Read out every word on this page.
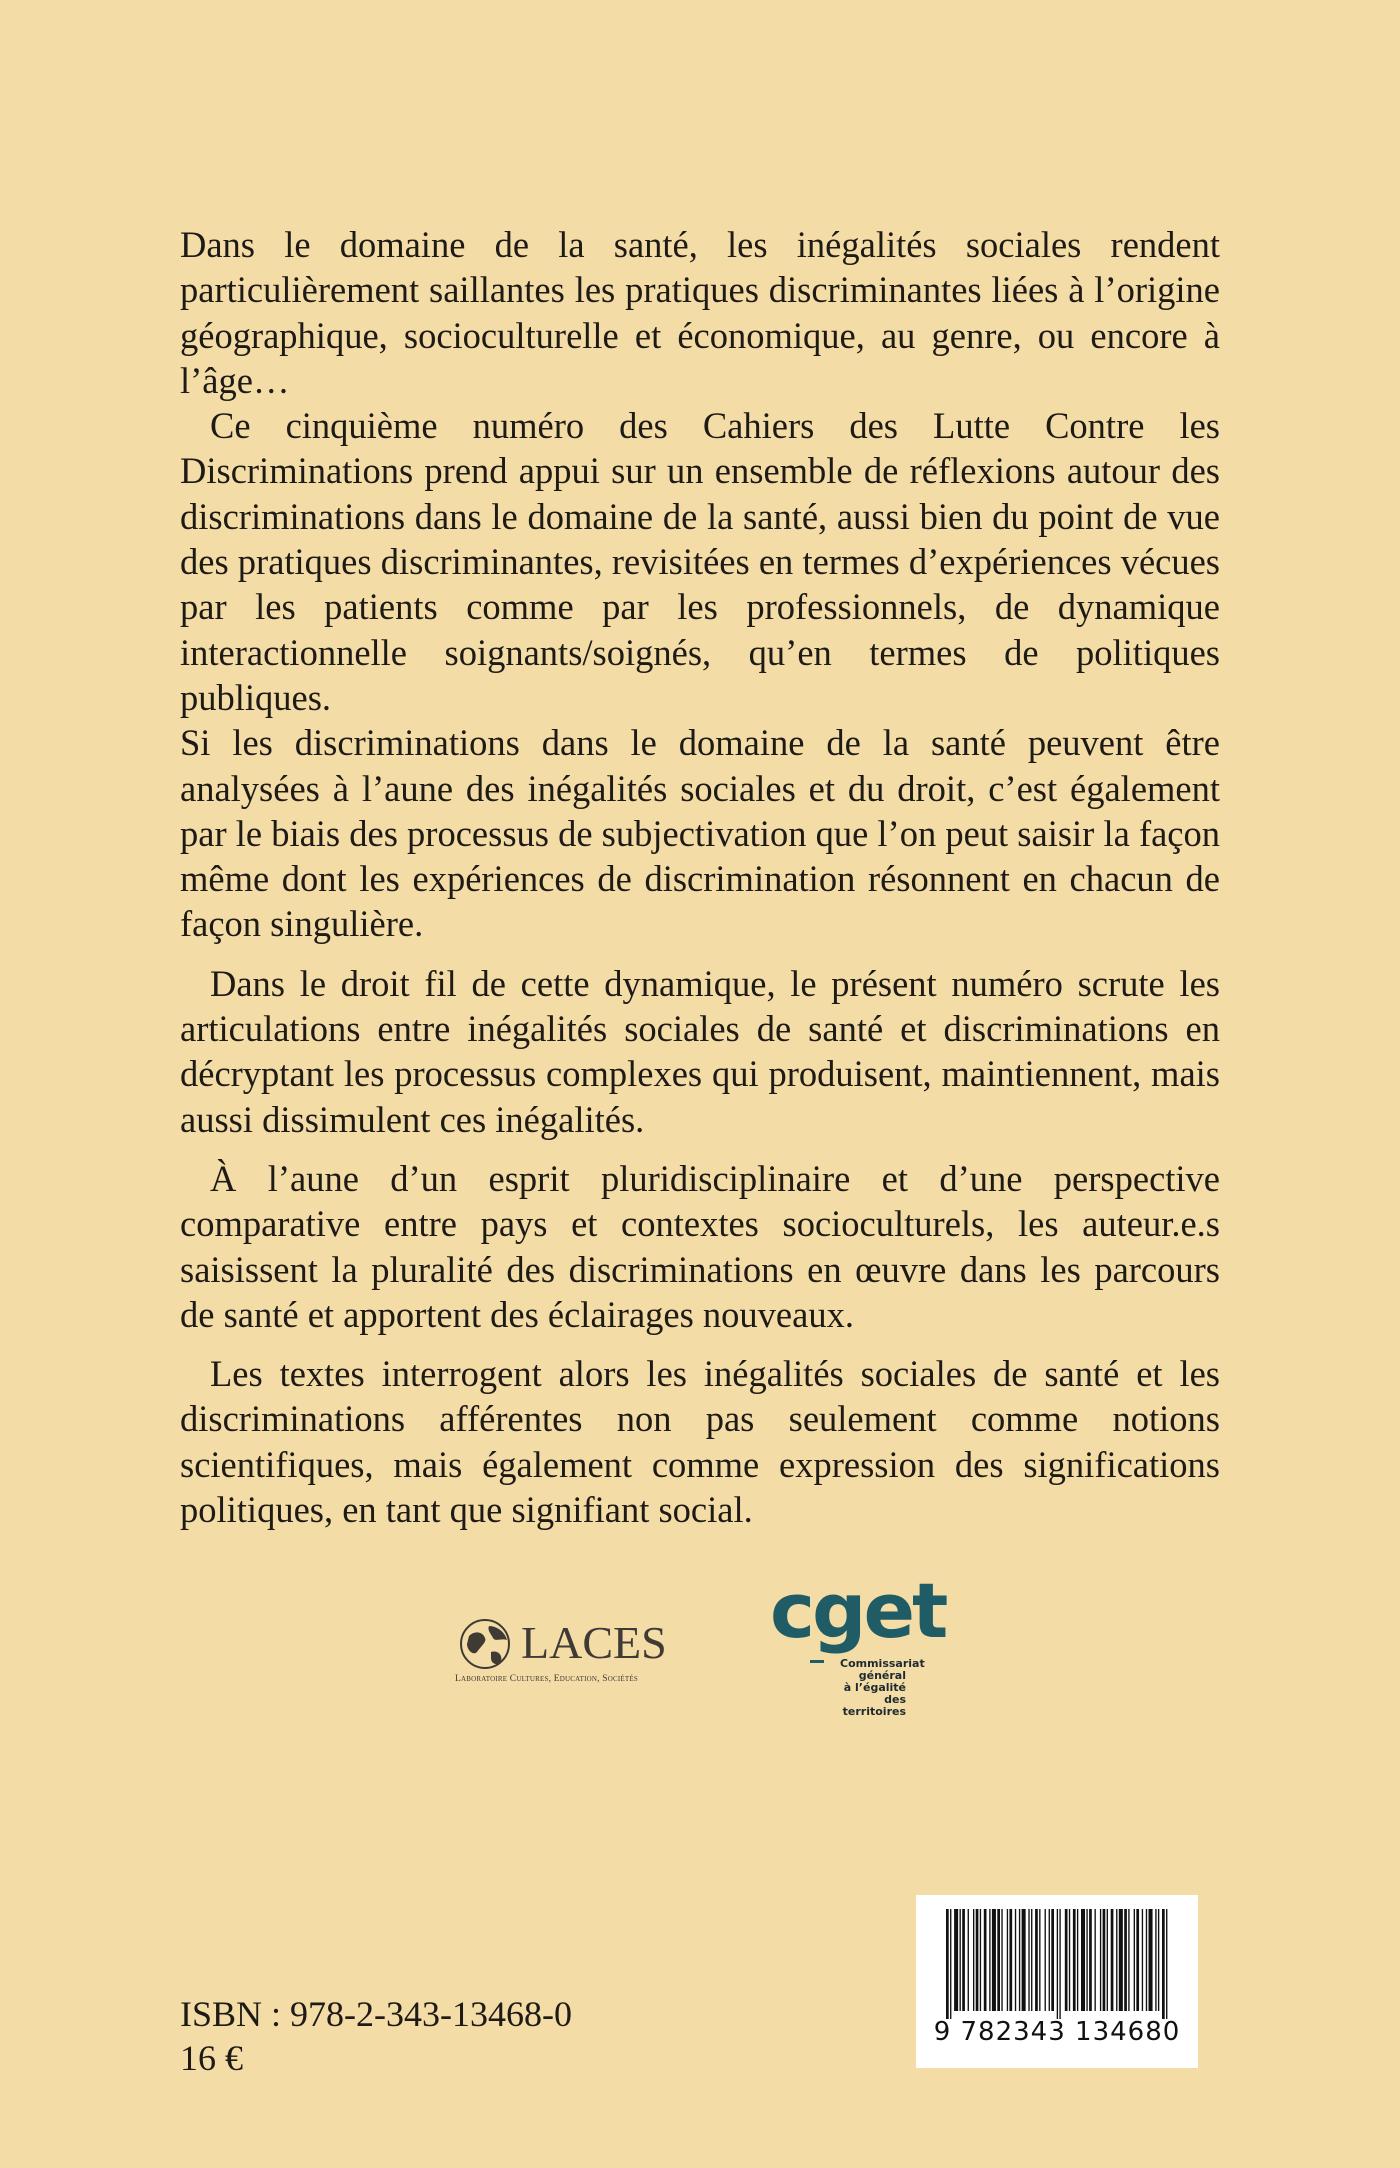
Dans le domaine de la santé, les inégalités sociales rendent particulièrement saillantes les pratiques discriminantes liées à l’origine géographique, socioculturelle et économique, au genre, ou encore à l’âge…

Ce cinquième numéro des Cahiers des Lutte Contre les Discriminations prend appui sur un ensemble de réflexions autour des discriminations dans le domaine de la santé, aussi bien du point de vue des pratiques discriminantes, revisitées en termes d’expériences vécues par les patients comme par les professionnels, de dynamique interactionnelle soignants/soignés, qu’en termes de politiques publiques.

Si les discriminations dans le domaine de la santé peuvent être analysées à l’aune des inégalités sociales et du droit, c’est également par le biais des processus de subjectivation que l’on peut saisir la façon même dont les expériences de discrimination résonnent en chacun de façon singulière.

Dans le droit fil de cette dynamique, le présent numéro scrute les articulations entre inégalités sociales de santé et discriminations en décryptant les processus complexes qui produisent, maintiennent, mais aussi dissimulent ces inégalités.

À l’aune d’un esprit pluridisciplinaire et d’une perspective comparative entre pays et contextes socioculturels, les auteur.e.s saisissent la pluralité des discriminations en œuvre dans les parcours de santé et apportent des éclairages nouveaux.

Les textes interrogent alors les inégalités sociales de santé et les discriminations afférentes non pas seulement comme notions scientifiques, mais également comme expression des significations politiques, en tant que signifiant social.

LACES
Laboratoire Cultures, Education, Sociétés
cget
Commissariat
général
à l’égalité
des territoires
9 782343 134680
ISBN : 978-2-343-13468-0
16 €
